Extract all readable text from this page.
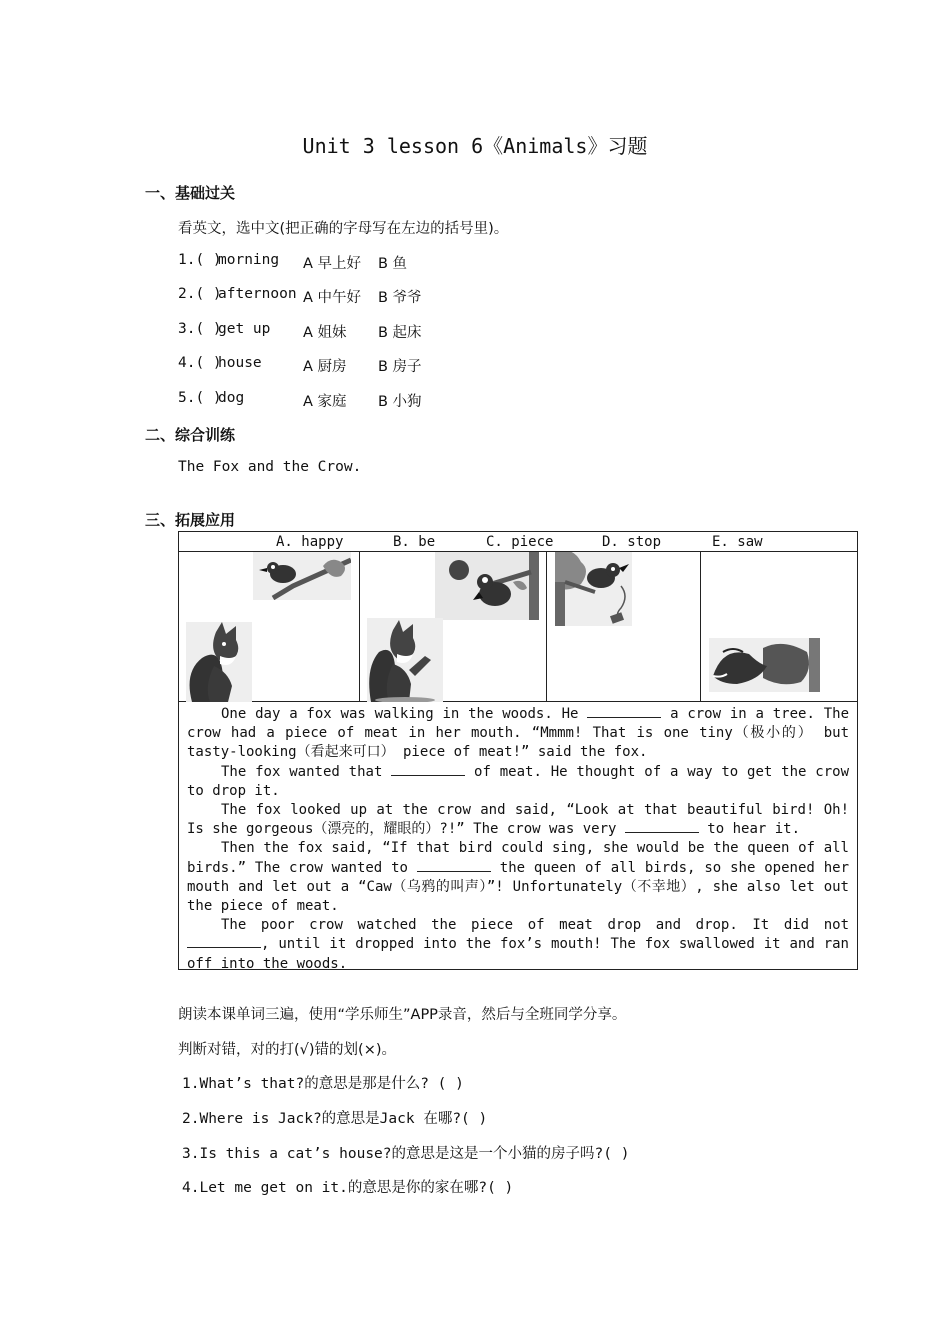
Unit 3 lesson 6《Animals》习题
一、基础过关
看英文，选中文(把正确的字母写在左边的括号里)。
1.( )
morning A 早上好 B 鱼
2.( )
afternoon A 中午好 B 爷爷
3.( )
get up A 姐妹 B 起床
4.( )
house	A 厨房 B 房子
5.( )
dog	A 家庭 B 小狗
二、综合训练
The Fox and the Crow.
三、拓展应用
A. happy	B. be	C. piece	D. stop	E. saw

One day a fox was walking in the woods. He	a crow in a tree. The crow had a piece of meat in her mouth. “Mmmm! That is one tiny（极小的） but tasty-looking（看起来可口） piece of meat!” said the fox.

The fox wanted that	of meat. He thought of a way to get the crow to drop it.

The fox looked up at the crow and said, “Look at that beautiful bird! Oh! Is she gorgeous（漂亮的，耀眼的）?!” The crow was very	to hear it.

Then the fox said, “If that bird could sing, she would be the queen of all birds.” The crow wanted to	the queen of all birds, so she opened her mouth and let out a “Caw（乌鸦的叫声）”! Unfortunately（不幸地）, she also let out the piece of meat.

The poor crow watched the piece of meat drop and drop. It did not , until it dropped into the fox’s mouth! The fox swallowed it and ran off into the woods.

朗读本课单词三遍，使用“学乐师生”APP录音，然后与全班同学分享。
判断对错，对的打(√)错的划(×)。
1.What’s that?的意思是那是什么? ( )
2.Where is Jack?的意思是Jack 在哪?( )
3.Is this a cat’s house?的意思是这是一个小猫的房子吗?( )
4.Let me get on it.的意思是你的家在哪?( )
